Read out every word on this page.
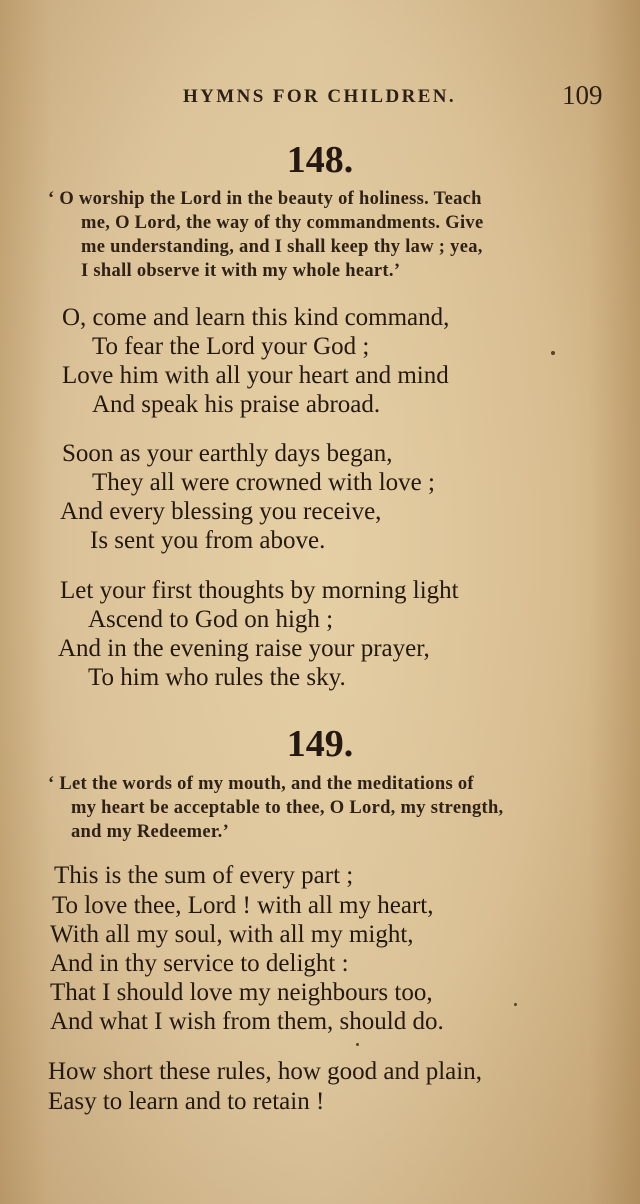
HYMNS FOR CHILDREN.	109
148.
‘ O worship the Lord in the beauty of holiness. Teach
me, O Lord, the way of thy commandments. Give
me understanding, and I shall keep thy law ; yea,
I shall observe it with my whole heart.’
O, come and learn this kind command,
To fear the Lord your God ;
Love him with all your heart and mind
And speak his praise abroad.
Soon as your earthly days began,
They all were crowned with love ;
And every blessing you receive,
Is sent you from above.
Let your first thoughts by morning light
Ascend to God on high ;
And in the evening raise your prayer,
To him who rules the sky.
149.
‘ Let the words of my mouth, and the meditations of
my heart be acceptable to thee, O Lord, my strength,
and my Redeemer.’
This is the sum of every part ;
To love thee, Lord ! with all my heart,
With all my soul, with all my might,
And in thy service to delight :
That I should love my neighbours too,
And what I wish from them, should do.
How short these rules, how good and plain,
Easy to learn and to retain !
